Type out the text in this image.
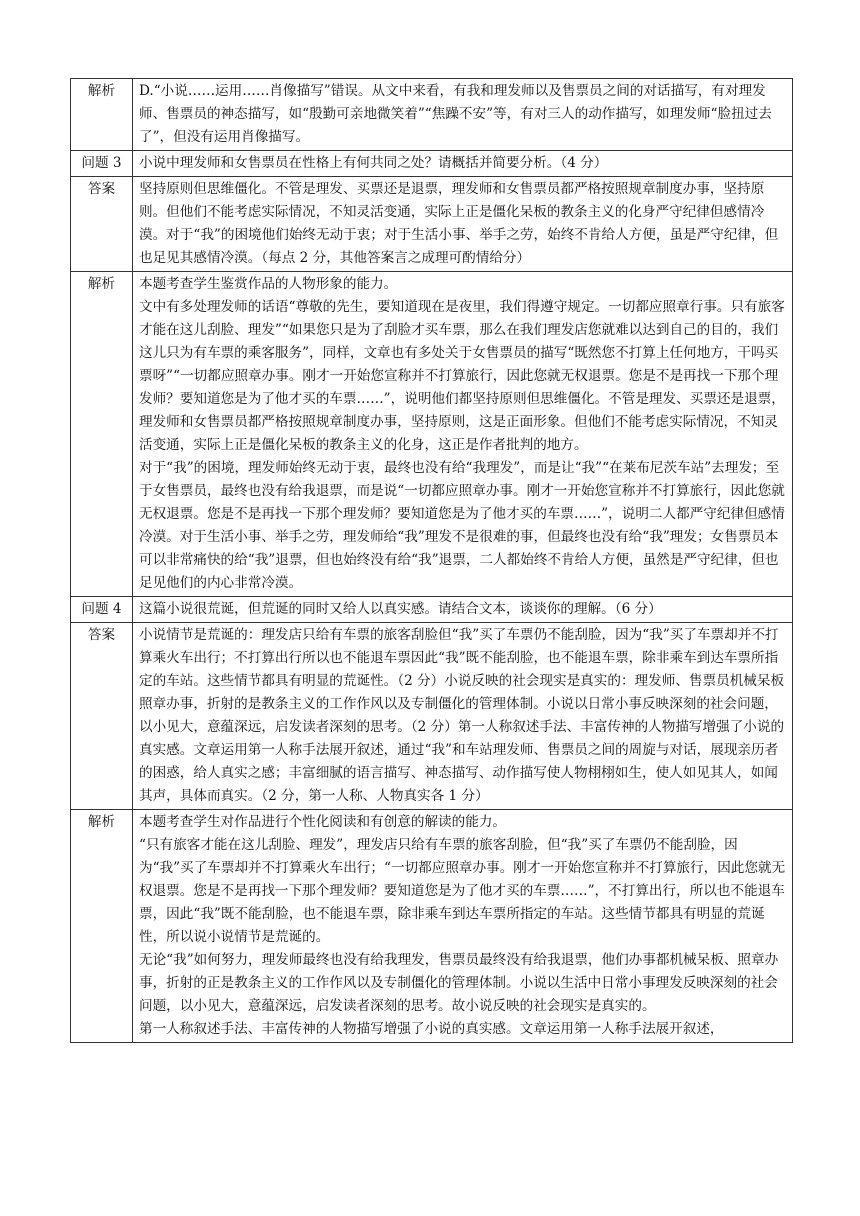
解析	D.“小说……运用……肖像描写”错误。从文中来看，有我和理发师以及售票员之间的对话描写，有对理发师、售票员的神态描写，如“殷勤可亲地微笑着”“焦躁不安”等，有对三人的动作描写，如理发师“脸扭过去了”，但没有运用肖像描写。

问题 3	小说中理发师和女售票员在性格上有何共同之处？请概括并简要分析。（4 分）

答案	坚持原则但思维僵化。不管是理发、买票还是退票，理发师和女售票员都严格按照规章制度办事，坚持原则。但他们不能考虑实际情况，不知灵活变通，实际上正是僵化呆板的教条主义的化身严守纪律但感情冷漠。对于“我”的困境他们始终无动于衷；对于生活小事、举手之劳，始终不肯给人方便，虽是严守纪律，但也足见其感情冷漠。（每点 2 分，其他答案言之成理可酌情给分）

解析	本题考查学生鉴赏作品的人物形象的能力。

文中有多处理发师的话语“尊敬的先生，要知道现在是夜里，我们得遵守规定。一切都应照章行事。只有旅客才能在这儿刮脸、理发”“如果您只是为了刮脸才买车票，那么在我们理发店您就难以达到自己的目的，我们这儿只为有车票的乘客服务”，同样，文章也有多处关于女售票员的描写“既然您不打算上任何地方，干吗买票呀”“一切都应照章办事。刚才一开始您宣称并不打算旅行，因此您就无权退票。您是不是再找一下那个理发师？要知道您是为了他才买的车票……”，说明他们都坚持原则但思维僵化。不管是理发、买票还是退票，理发师和女售票员都严格按照规章制度办事，坚持原则，这是正面形象。但他们不能考虑实际情况，不知灵活变通，实际上正是僵化呆板的教条主义的化身，这正是作者批判的地方。

对于“我”的困境，理发师始终无动于衷，最终也没有给“我理发”，而是让“我”“在莱布尼茨车站”去理发；至于女售票员，最终也没有给我退票，而是说“一切都应照章办事。刚才一开始您宣称并不打算旅行，因此您就无权退票。您是不是再找一下那个理发师？要知道您是为了他才买的车票……”，说明二人都严守纪律但感情冷漠。对于生活小事、举手之劳，理发师给“我”理发不是很难的事，但最终也没有给“我”理发；女售票员本可以非常痛快的给“我”退票，但也始终没有给“我”退票，二人都始终不肯给人方便，虽然是严守纪律，但也足见他们的内心非常冷漠。

问题 4	这篇小说很荒诞，但荒诞的同时又给人以真实感。请结合文本，谈谈你的理解。（6 分）

答案	小说情节是荒诞的：理发店只给有车票的旅客刮脸但“我”买了车票仍不能刮脸，因为“我”买了车票却并不打算乘火车出行；不打算出行所以也不能退车票因此“我”既不能刮脸，也不能退车票，除非乘车到达车票所指定的车站。这些情节都具有明显的荒诞性。（2 分）小说反映的社会现实是真实的：理发师、售票员机械呆板照章办事，折射的是教条主义的工作作风以及专制僵化的管理体制。小说以日常小事反映深刻的社会问题，以小见大，意蕴深远，启发读者深刻的思考。（2 分）第一人称叙述手法、丰富传神的人物描写增强了小说的真实感。文章运用第一人称手法展开叙述，通过“我”和车站理发师、售票员之间的周旋与对话，展现亲历者的困惑，给人真实之感；丰富细腻的语言描写、神态描写、动作描写使人物栩栩如生，使人如见其人，如闻其声，具体而真实。（2 分，第一人称、人物真实各 1 分）

解析	本题考查学生对作品进行个性化阅读和有创意的解读的能力。

“只有旅客才能在这儿刮脸、理发”，理发店只给有车票的旅客刮脸，但“我”买了车票仍不能刮脸，因为“我”买了车票却并不打算乘火车出行；“一切都应照章办事。刚才一开始您宣称并不打算旅行，因此您就无权退票。您是不是再找一下那个理发师？要知道您是为了他才买的车票……”，不打算出行，所以也不能退车票，因此“我”既不能刮脸，也不能退车票，除非乘车到达车票所指定的车站。这些情节都具有明显的荒诞性，所以说小说情节是荒诞的。

无论“我”如何努力，理发师最终也没有给我理发，售票员最终没有给我退票，他们办事都机械呆板、照章办事，折射的正是教条主义的工作作风以及专制僵化的管理体制。小说以生活中日常小事理发反映深刻的社会问题，以小见大，意蕴深远，启发读者深刻的思考。故小说反映的社会现实是真实的。

第一人称叙述手法、丰富传神的人物描写增强了小说的真实感。文章运用第一人称手法展开叙述，
